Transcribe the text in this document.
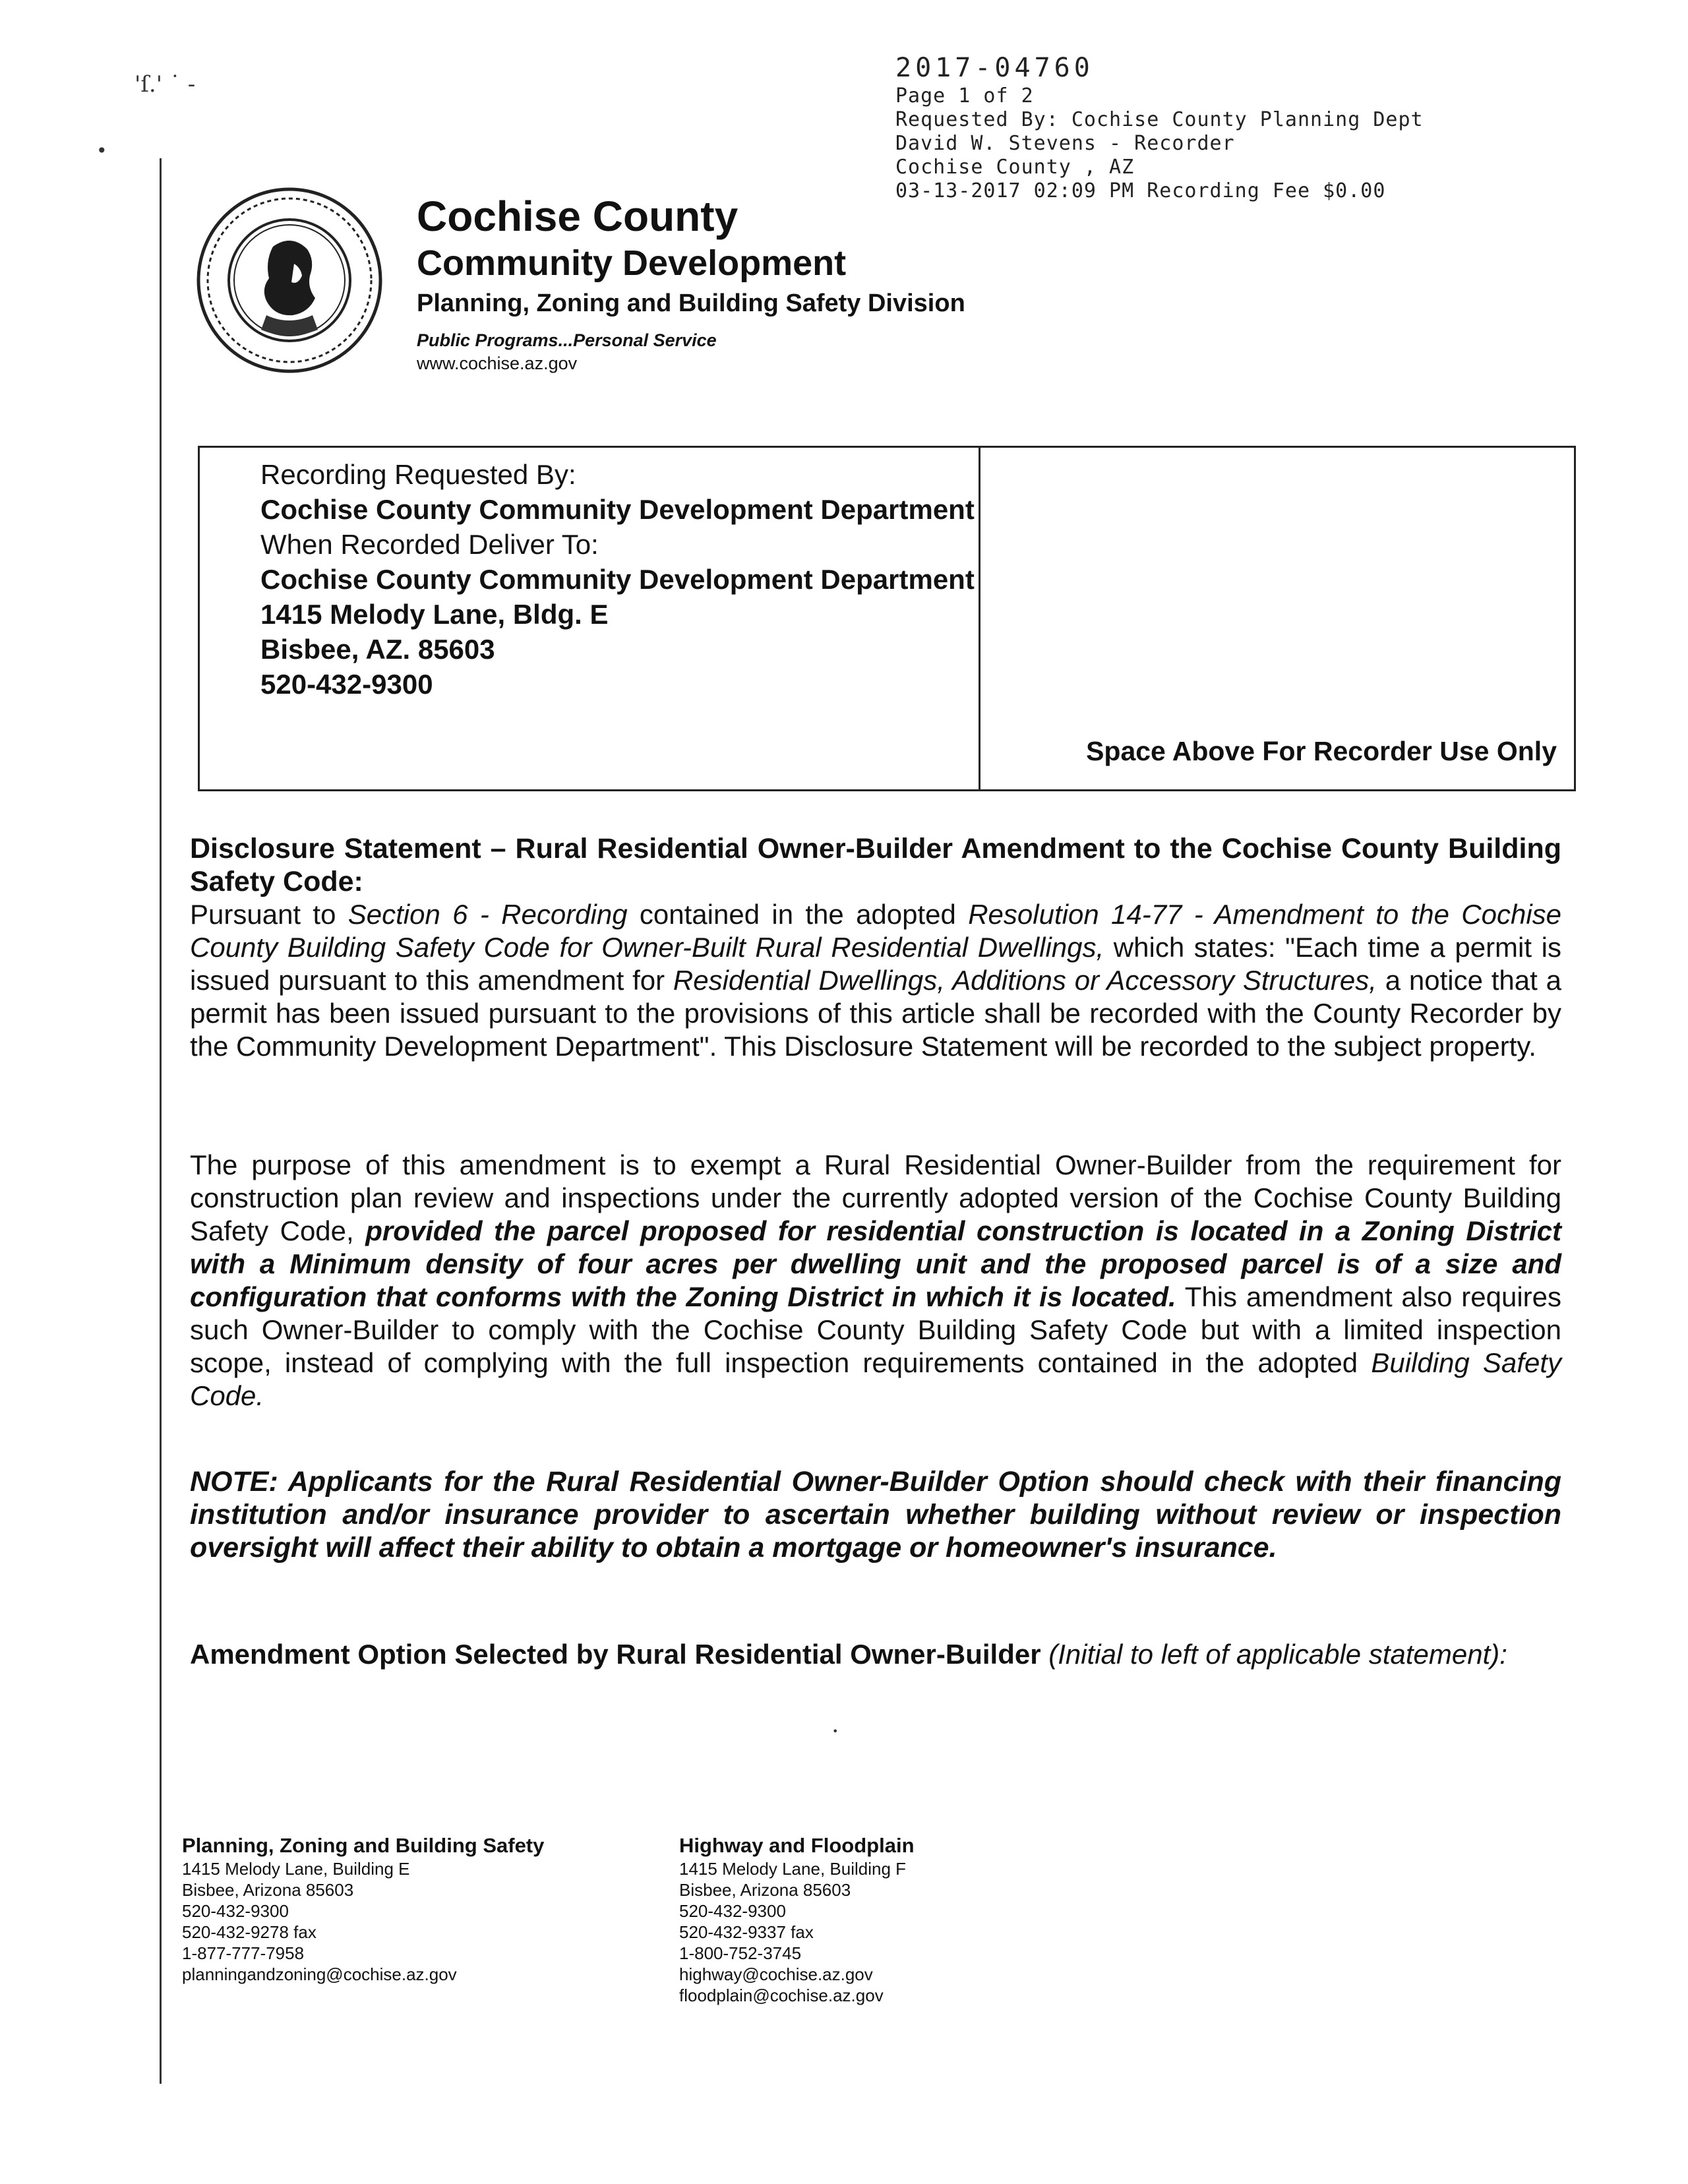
'ſ.' ˙ -
•
2017-04760
Page 1 of 2
Requested By: Cochise County Planning Dept
David W. Stevens - Recorder
Cochise County , AZ
03-13-2017 02:09 PM Recording Fee $0.00
Cochise County
Community Development
Planning, Zoning and Building Safety Division
Public Programs...Personal Service
www.cochise.az.gov
Recording Requested By:
Cochise County Community Development Department
When Recorded Deliver To:
Cochise County Community Development Department
1415 Melody Lane, Bldg. E
Bisbee, AZ. 85603
520-432-9300
Space Above For Recorder Use Only
Disclosure Statement – Rural Residential Owner-Builder Amendment to the Cochise County Building Safety Code:

Pursuant to Section 6 - Recording contained in the adopted Resolution 14-77 - Amendment to the Cochise County Building Safety Code for Owner-Built Rural Residential Dwellings, which states: "Each time a permit is issued pursuant to this amendment for Residential Dwellings, Additions or Accessory Structures, a notice that a permit has been issued pursuant to the provisions of this article shall be recorded with the County Recorder by the Community Development Department". This Disclosure Statement will be recorded to the subject property.

The purpose of this amendment is to exempt a Rural Residential Owner-Builder from the requirement for construction plan review and inspections under the currently adopted version of the Cochise County Building Safety Code, provided the parcel proposed for residential construction is located in a Zoning District with a Minimum density of four acres per dwelling unit and the proposed parcel is of a size and configuration that conforms with the Zoning District in which it is located. This amendment also requires such Owner-Builder to comply with the Cochise County Building Safety Code but with a limited inspection scope, instead of complying with the full inspection requirements contained in the adopted Building Safety Code.

NOTE: Applicants for the Rural Residential Owner-Builder Option should check with their financing institution and/or insurance provider to ascertain whether building without review or inspection oversight will affect their ability to obtain a mortgage or homeowner's insurance.

Amendment Option Selected by Rural Residential Owner-Builder (Initial to left of applicable statement):

•
Planning, Zoning and Building Safety
1415 Melody Lane, Building E
Bisbee, Arizona 85603
520-432-9300
520-432-9278 fax
1-877-777-7958
planningandzoning@cochise.az.gov
Highway and Floodplain
1415 Melody Lane, Building F
Bisbee, Arizona 85603
520-432-9300
520-432-9337 fax
1-800-752-3745
highway@cochise.az.gov
floodplain@cochise.az.gov
